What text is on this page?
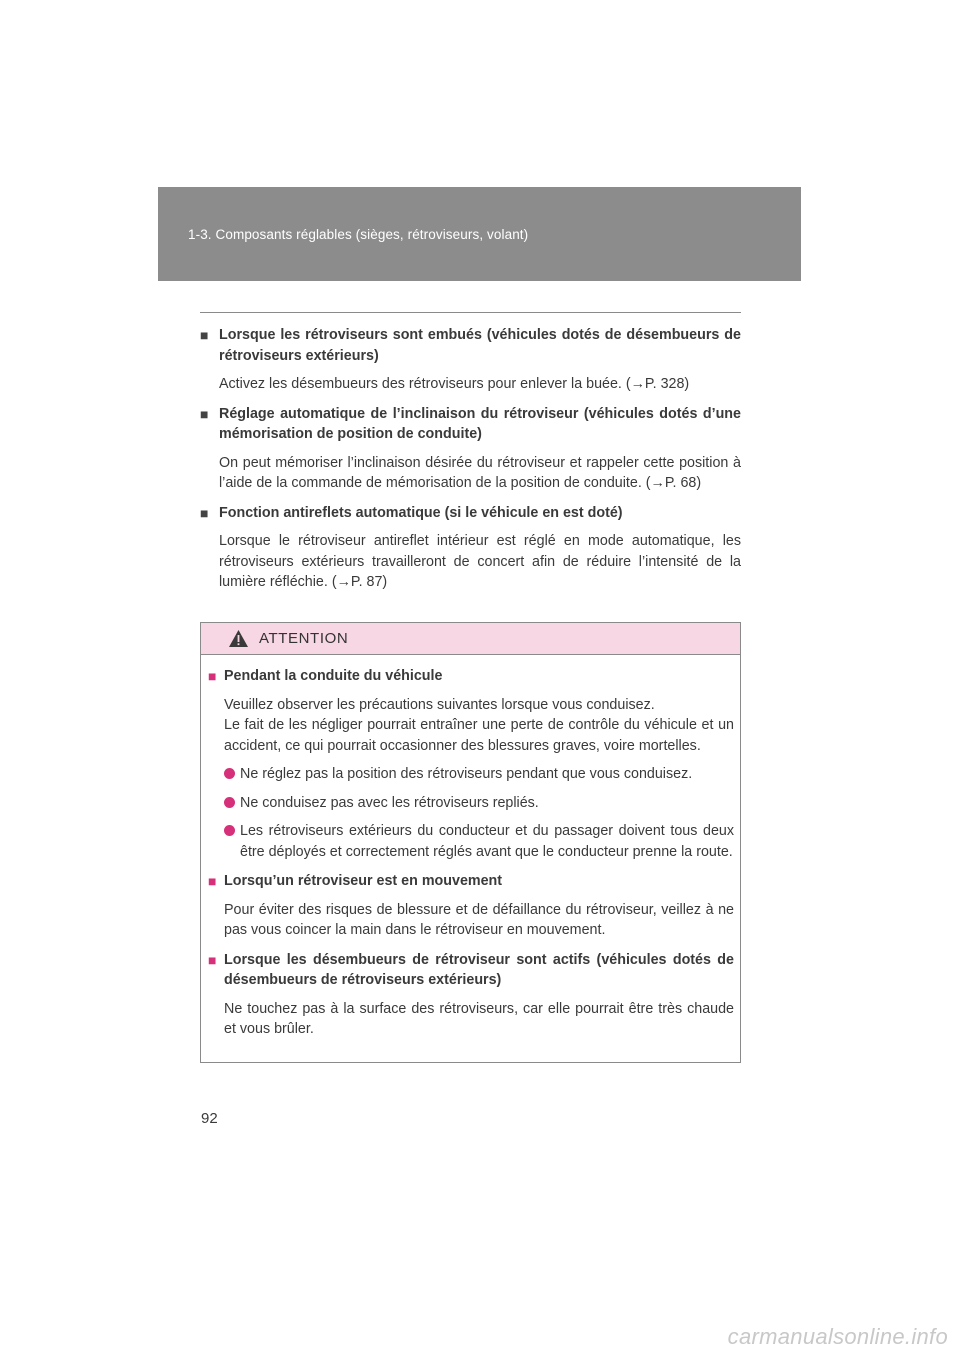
1-3. Composants réglables (sièges, rétroviseurs, volant)
■ Lorsque les rétroviseurs sont embués (véhicules dotés de désembueurs de rétroviseurs extérieurs)
Activez les désembueurs des rétroviseurs pour enlever la buée. (→P. 328)
■ Réglage automatique de l’inclinaison du rétroviseur (véhicules dotés d’une mémorisation de position de conduite)
On peut mémoriser l’inclinaison désirée du rétroviseur et rappeler cette position à l’aide de la commande de mémorisation de la position de conduite. (→P. 68)
■ Fonction antireflets automatique (si le véhicule en est doté)
Lorsque le rétroviseur antireflet intérieur est réglé en mode automatique, les rétroviseurs extérieurs travailleront de concert afin de réduire l’intensité de la lumière réfléchie. (→P. 87)
ATTENTION
■ Pendant la conduite du véhicule
Veuillez observer les précautions suivantes lorsque vous conduisez.
Le fait de les négliger pourrait entraîner une perte de contrôle du véhicule et un accident, ce qui pourrait occasionner des blessures graves, voire mortelles.
Ne réglez pas la position des rétroviseurs pendant que vous conduisez.
Ne conduisez pas avec les rétroviseurs repliés.
Les rétroviseurs extérieurs du conducteur et du passager doivent tous deux être déployés et correctement réglés avant que le conducteur prenne la route.
■ Lorsqu’un rétroviseur est en mouvement
Pour éviter des risques de blessure et de défaillance du rétroviseur, veillez à ne pas vous coincer la main dans le rétroviseur en mouvement.
■ Lorsque les désembueurs de rétroviseur sont actifs (véhicules dotés de désembueurs de rétroviseurs extérieurs)
Ne touchez pas à la surface des rétroviseurs, car elle pourrait être très chaude et vous brûler.
92
carmanualsonline.info
